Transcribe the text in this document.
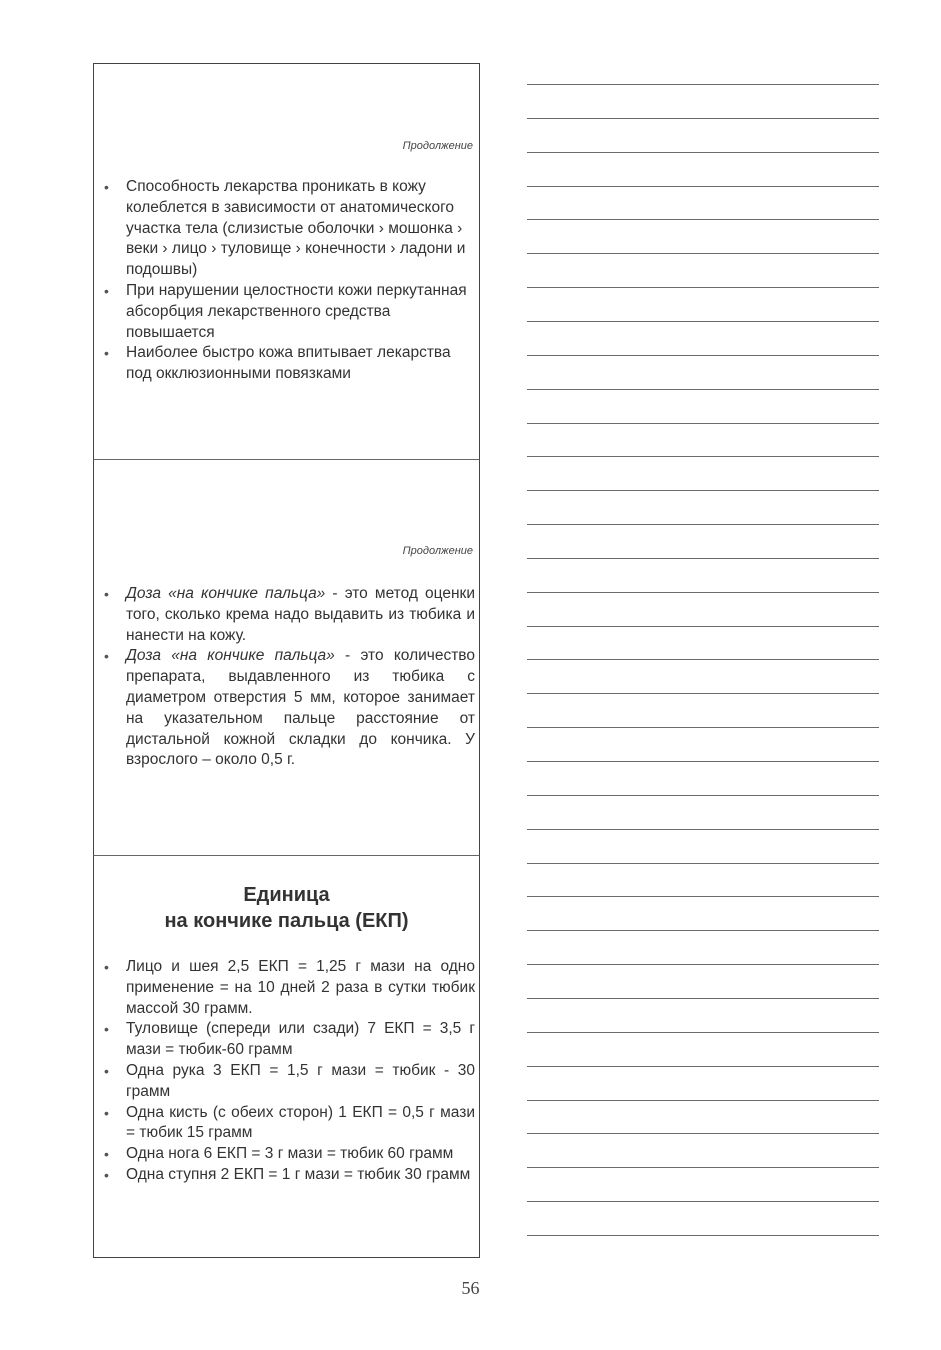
Продолжение
• Способность лекарства проникать в кожу колеблется в зависимости от анатомического участка тела (слизистые оболочки › мошонка › веки › лицо › туловище › конечности › ладони и подошвы)
• При нарушении целостности кожи перкутанная абсорбция лекарственного средства повышается
• Наиболее быстро кожа впитывает лекарства под окклюзионными повязками
Продолжение
• Доза «на кончике пальца» - это метод оценки того, сколько крема надо выдавить из тюбика и нанести на кожу.
• Доза «на кончике пальца» - это количество препарата, выдавленного из тюбика с диаметром отверстия 5 мм, которое занимает на указательном пальце расстояние от дистальной кожной складки до кончика. У взрослого – около 0,5 г.
Единица
на кончике пальца (ЕКП)
• Лицо и шея 2,5 ЕКП = 1,25 г мази на одно применение = на 10 дней 2 раза в сутки тюбик массой 30 грамм.
• Туловище (спереди или сзади) 7 ЕКП = 3,5 г мази = тюбик-60 грамм
• Одна рука 3 ЕКП = 1,5 г мази = тюбик - 30 грамм
• Одна кисть (с обеих сторон) 1 ЕКП = 0,5 г мази = тюбик 15 грамм
• Одна нога 6 ЕКП = 3 г мази = тюбик 60 грамм
• Одна ступня 2 ЕКП = 1 г мази = тюбик 30 грамм
56
